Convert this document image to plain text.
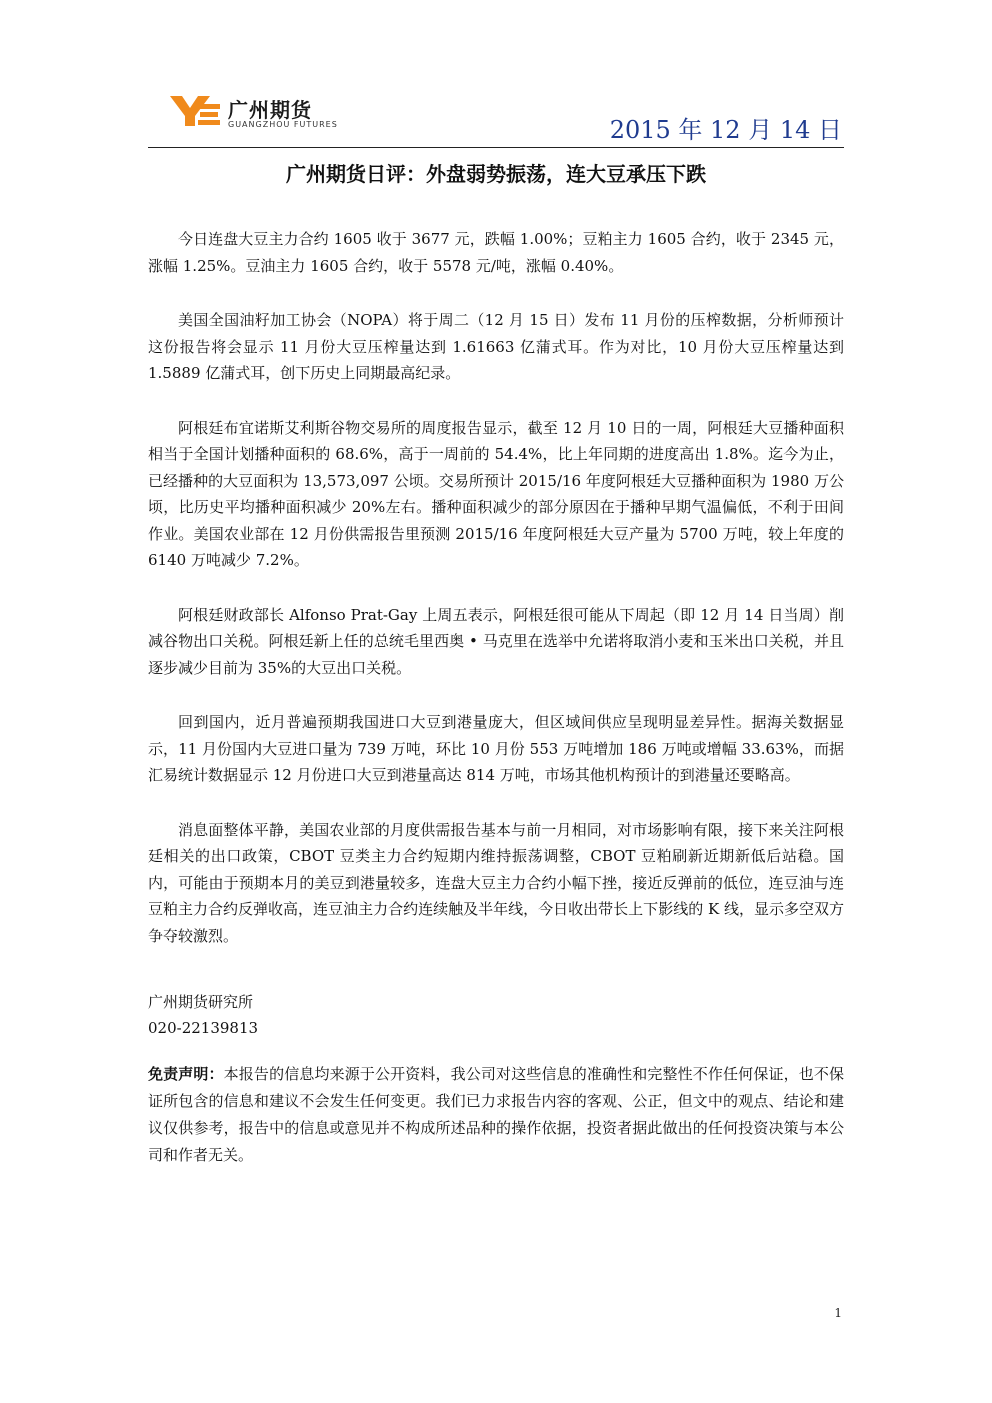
广州期货
GUANGZHOU FUTURES	2015 年 12 月 14 日
广州期货日评：外盘弱势振荡，连大豆承压下跌

今日连盘大豆主力合约 1605 收于 3677 元，跌幅 1.00%；豆粕主力 1605 合约，收于 2345 元，涨幅 1.25%。豆油主力 1605 合约，收于 5578 元/吨，涨幅 0.40%。

美国全国油籽加工协会（NOPA）将于周二（12 月 15 日）发布 11 月份的压榨数据，分析师预计这份报告将会显示 11 月份大豆压榨量达到 1.61663 亿蒲式耳。作为对比，10 月份大豆压榨量达到 1.5889 亿蒲式耳，创下历史上同期最高纪录。

阿根廷布宜诺斯艾利斯谷物交易所的周度报告显示，截至 12 月 10 日的一周，阿根廷大豆播种面积相当于全国计划播种面积的 68.6%，高于一周前的 54.4%，比上年同期的进度高出 1.8%。迄今为止，已经播种的大豆面积为 13,573,097 公顷。交易所预计 2015/16 年度阿根廷大豆播种面积为 1980 万公顷，比历史平均播种面积减少 20%左右。播种面积减少的部分原因在于播种早期气温偏低，不利于田间作业。美国农业部在 12 月份供需报告里预测 2015/16 年度阿根廷大豆产量为 5700 万吨，较上年度的 6140 万吨减少 7.2%。

阿根廷财政部长 Alfonso Prat-Gay 上周五表示，阿根廷很可能从下周起（即 12 月 14 日当周）削减谷物出口关税。阿根廷新上任的总统毛里西奥 • 马克里在选举中允诺将取消小麦和玉米出口关税，并且逐步减少目前为 35%的大豆出口关税。

回到国内，近月普遍预期我国进口大豆到港量庞大，但区域间供应呈现明显差异性。据海关数据显示，11 月份国内大豆进口量为 739 万吨，环比 10 月份 553 万吨增加 186 万吨或增幅 33.63%，而据汇易统计数据显示 12 月份进口大豆到港量高达 814 万吨，市场其他机构预计的到港量还要略高。

消息面整体平静，美国农业部的月度供需报告基本与前一月相同，对市场影响有限，接下来关注阿根廷相关的出口政策，CBOT 豆类主力合约短期内维持振荡调整，CBOT 豆粕刷新近期新低后站稳。国内，可能由于预期本月的美豆到港量较多，连盘大豆主力合约小幅下挫，接近反弹前的低位，连豆油与连豆粕主力合约反弹收高，连豆油主力合约连续触及半年线，今日收出带长上下影线的 K 线，显示多空双方争夺较激烈。

广州期货研究所
020-22139813
免责声明：本报告的信息均来源于公开资料，我公司对这些信息的准确性和完整性不作任何保证，也不保证所包含的信息和建议不会发生任何变更。我们已力求报告内容的客观、公正，但文中的观点、结论和建议仅供参考，报告中的信息或意见并不构成所述品种的操作依据，投资者据此做出的任何投资决策与本公司和作者无关。
1
